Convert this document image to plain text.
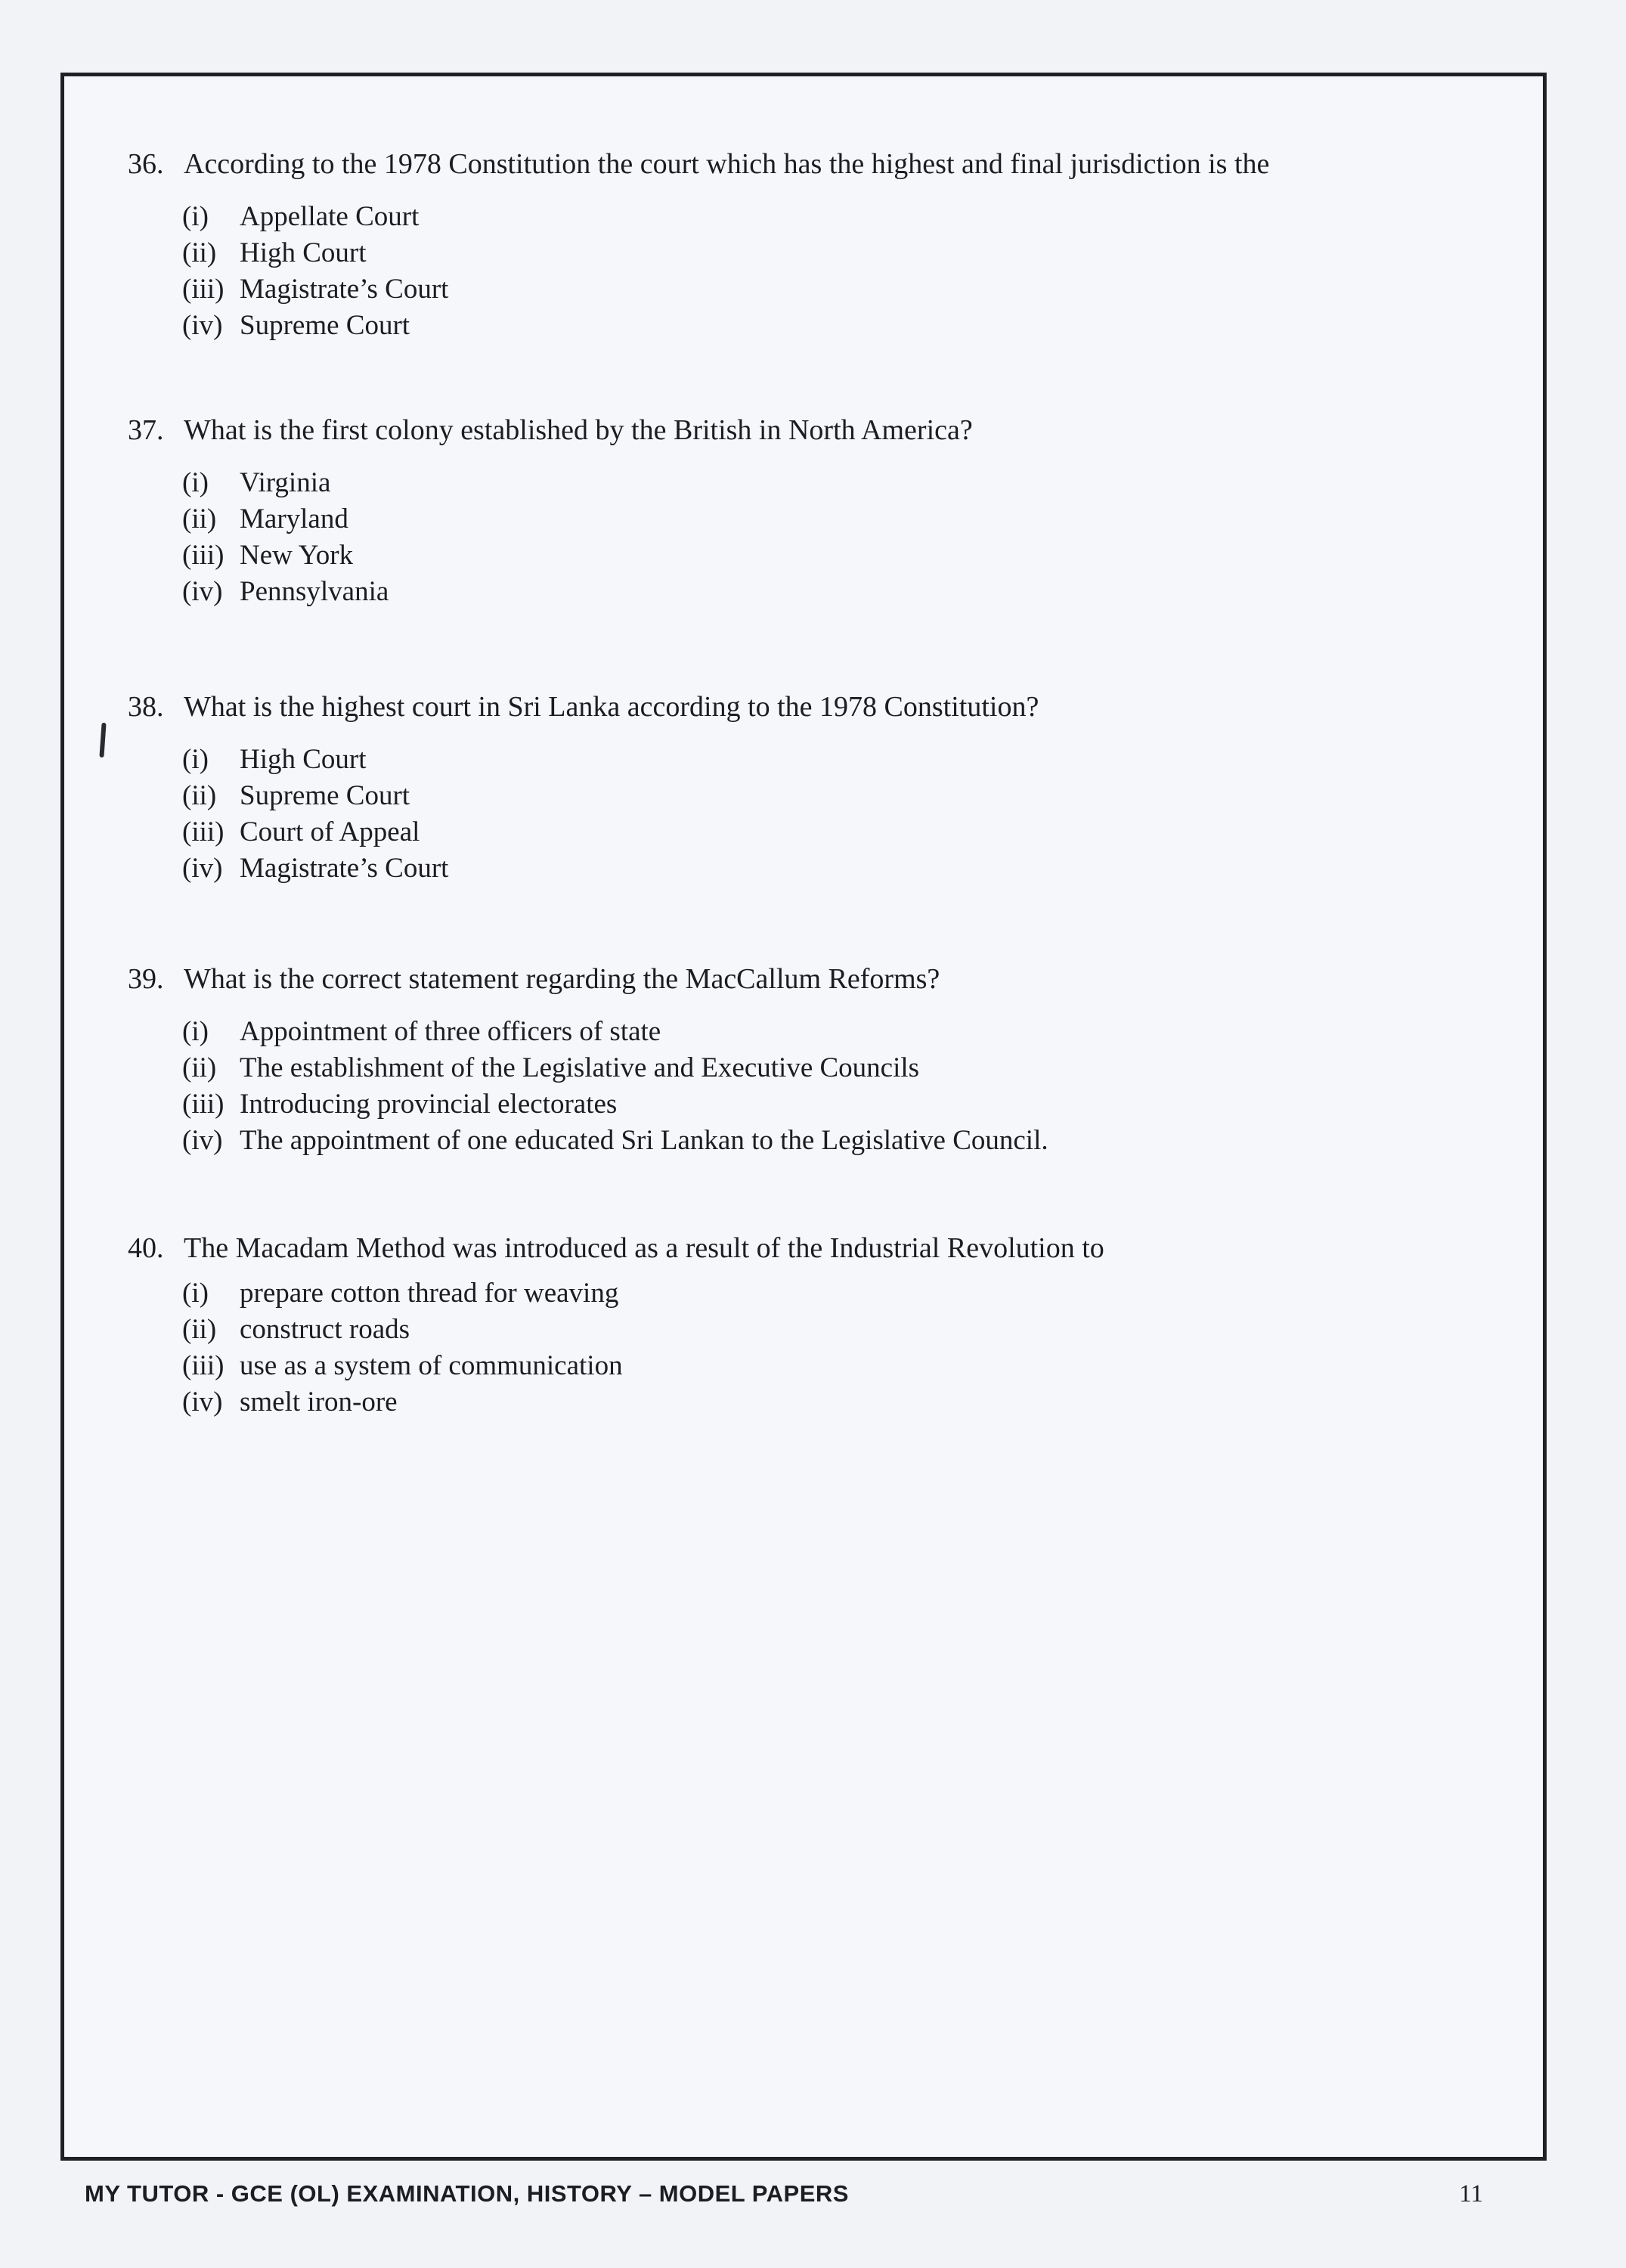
36. According to the 1978 Constitution the court which has the highest and final jurisdiction is the
(i)	Appellate Court
(ii) High Court
(iii) Magistrate’s Court
(iv) Supreme Court
37. What is the first colony established by the British in North America?
(i)	Virginia
(ii) Maryland
(iii) New York
(iv) Pennsylvania
38. What is the highest court in Sri Lanka according to the 1978 Constitution?
(i)	High Court
(ii) Supreme Court
(iii) Court of Appeal
(iv) Magistrate’s Court
39. What is the correct statement regarding the MacCallum Reforms?
(i)	Appointment of three officers of state
(ii) The establishment of the Legislative and Executive Councils
(iii) Introducing provincial electorates
(iv) The appointment of one educated Sri Lankan to the Legislative Council.
40. The Macadam Method was introduced as a result of the Industrial Revolution to
(i)	prepare cotton thread for weaving
(ii) construct roads
(iii) use as a system of communication
(iv) smelt iron-ore
MY TUTOR - GCE (OL) EXAMINATION, HISTORY – MODEL PAPERS	11
